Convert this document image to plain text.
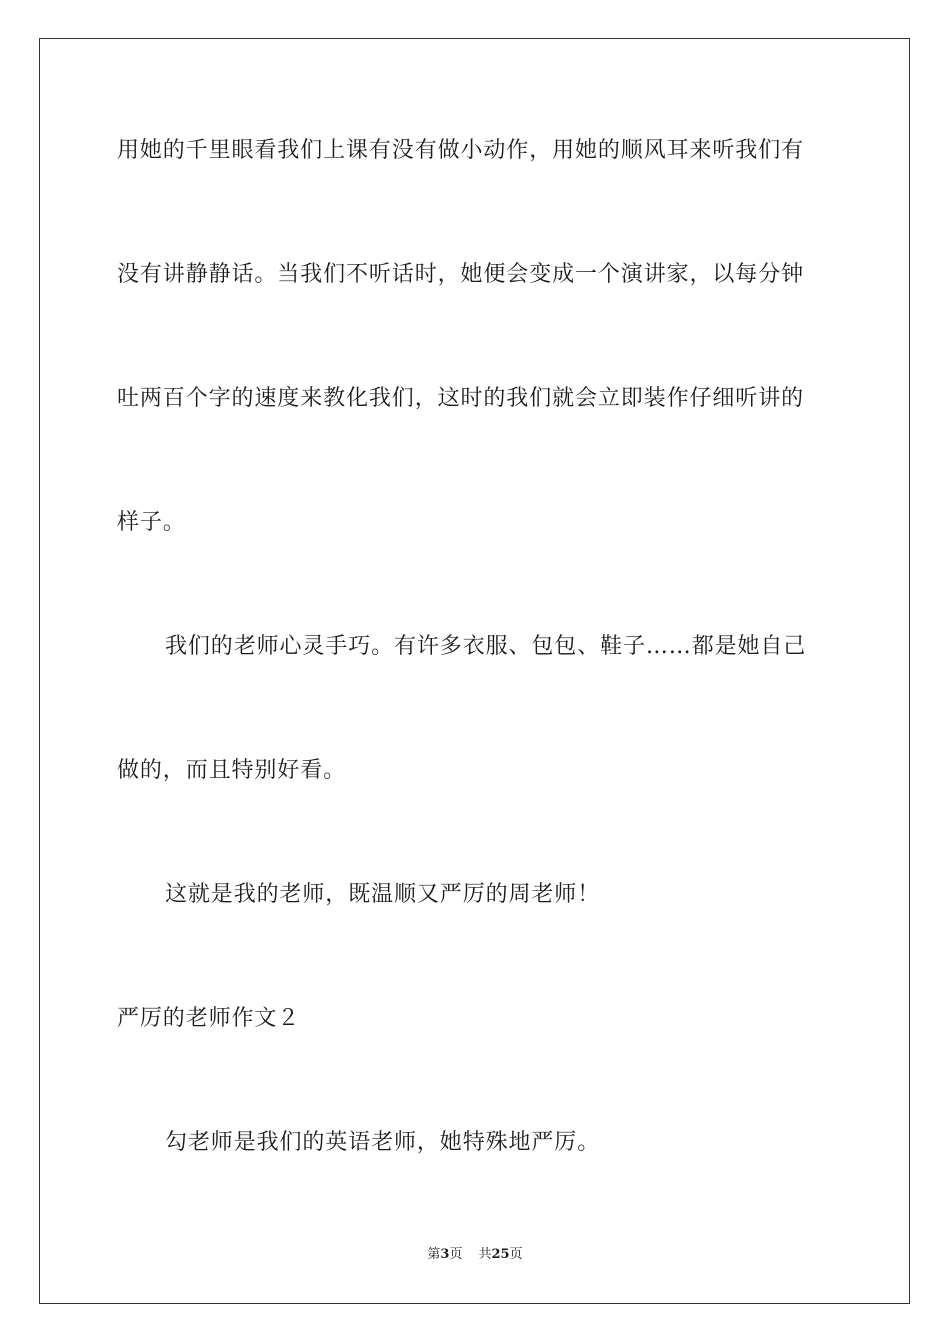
用她的千里眼看我们上课有没有做小动作，用她的顺风耳来听我们有
没有讲静静话。当我们不听话时，她便会变成一个演讲家，以每分钟
吐两百个字的速度来教化我们，这时的我们就会立即装作仔细听讲的
样子。
我们的老师心灵手巧。有许多衣服、包包、鞋子……都是她自己
做的，而且特别好看。
这就是我的老师，既温顺又严厉的周老师！
严厉的老师作文２
勾老师是我们的英语老师，她特殊地严厉。
第3页 共25页
